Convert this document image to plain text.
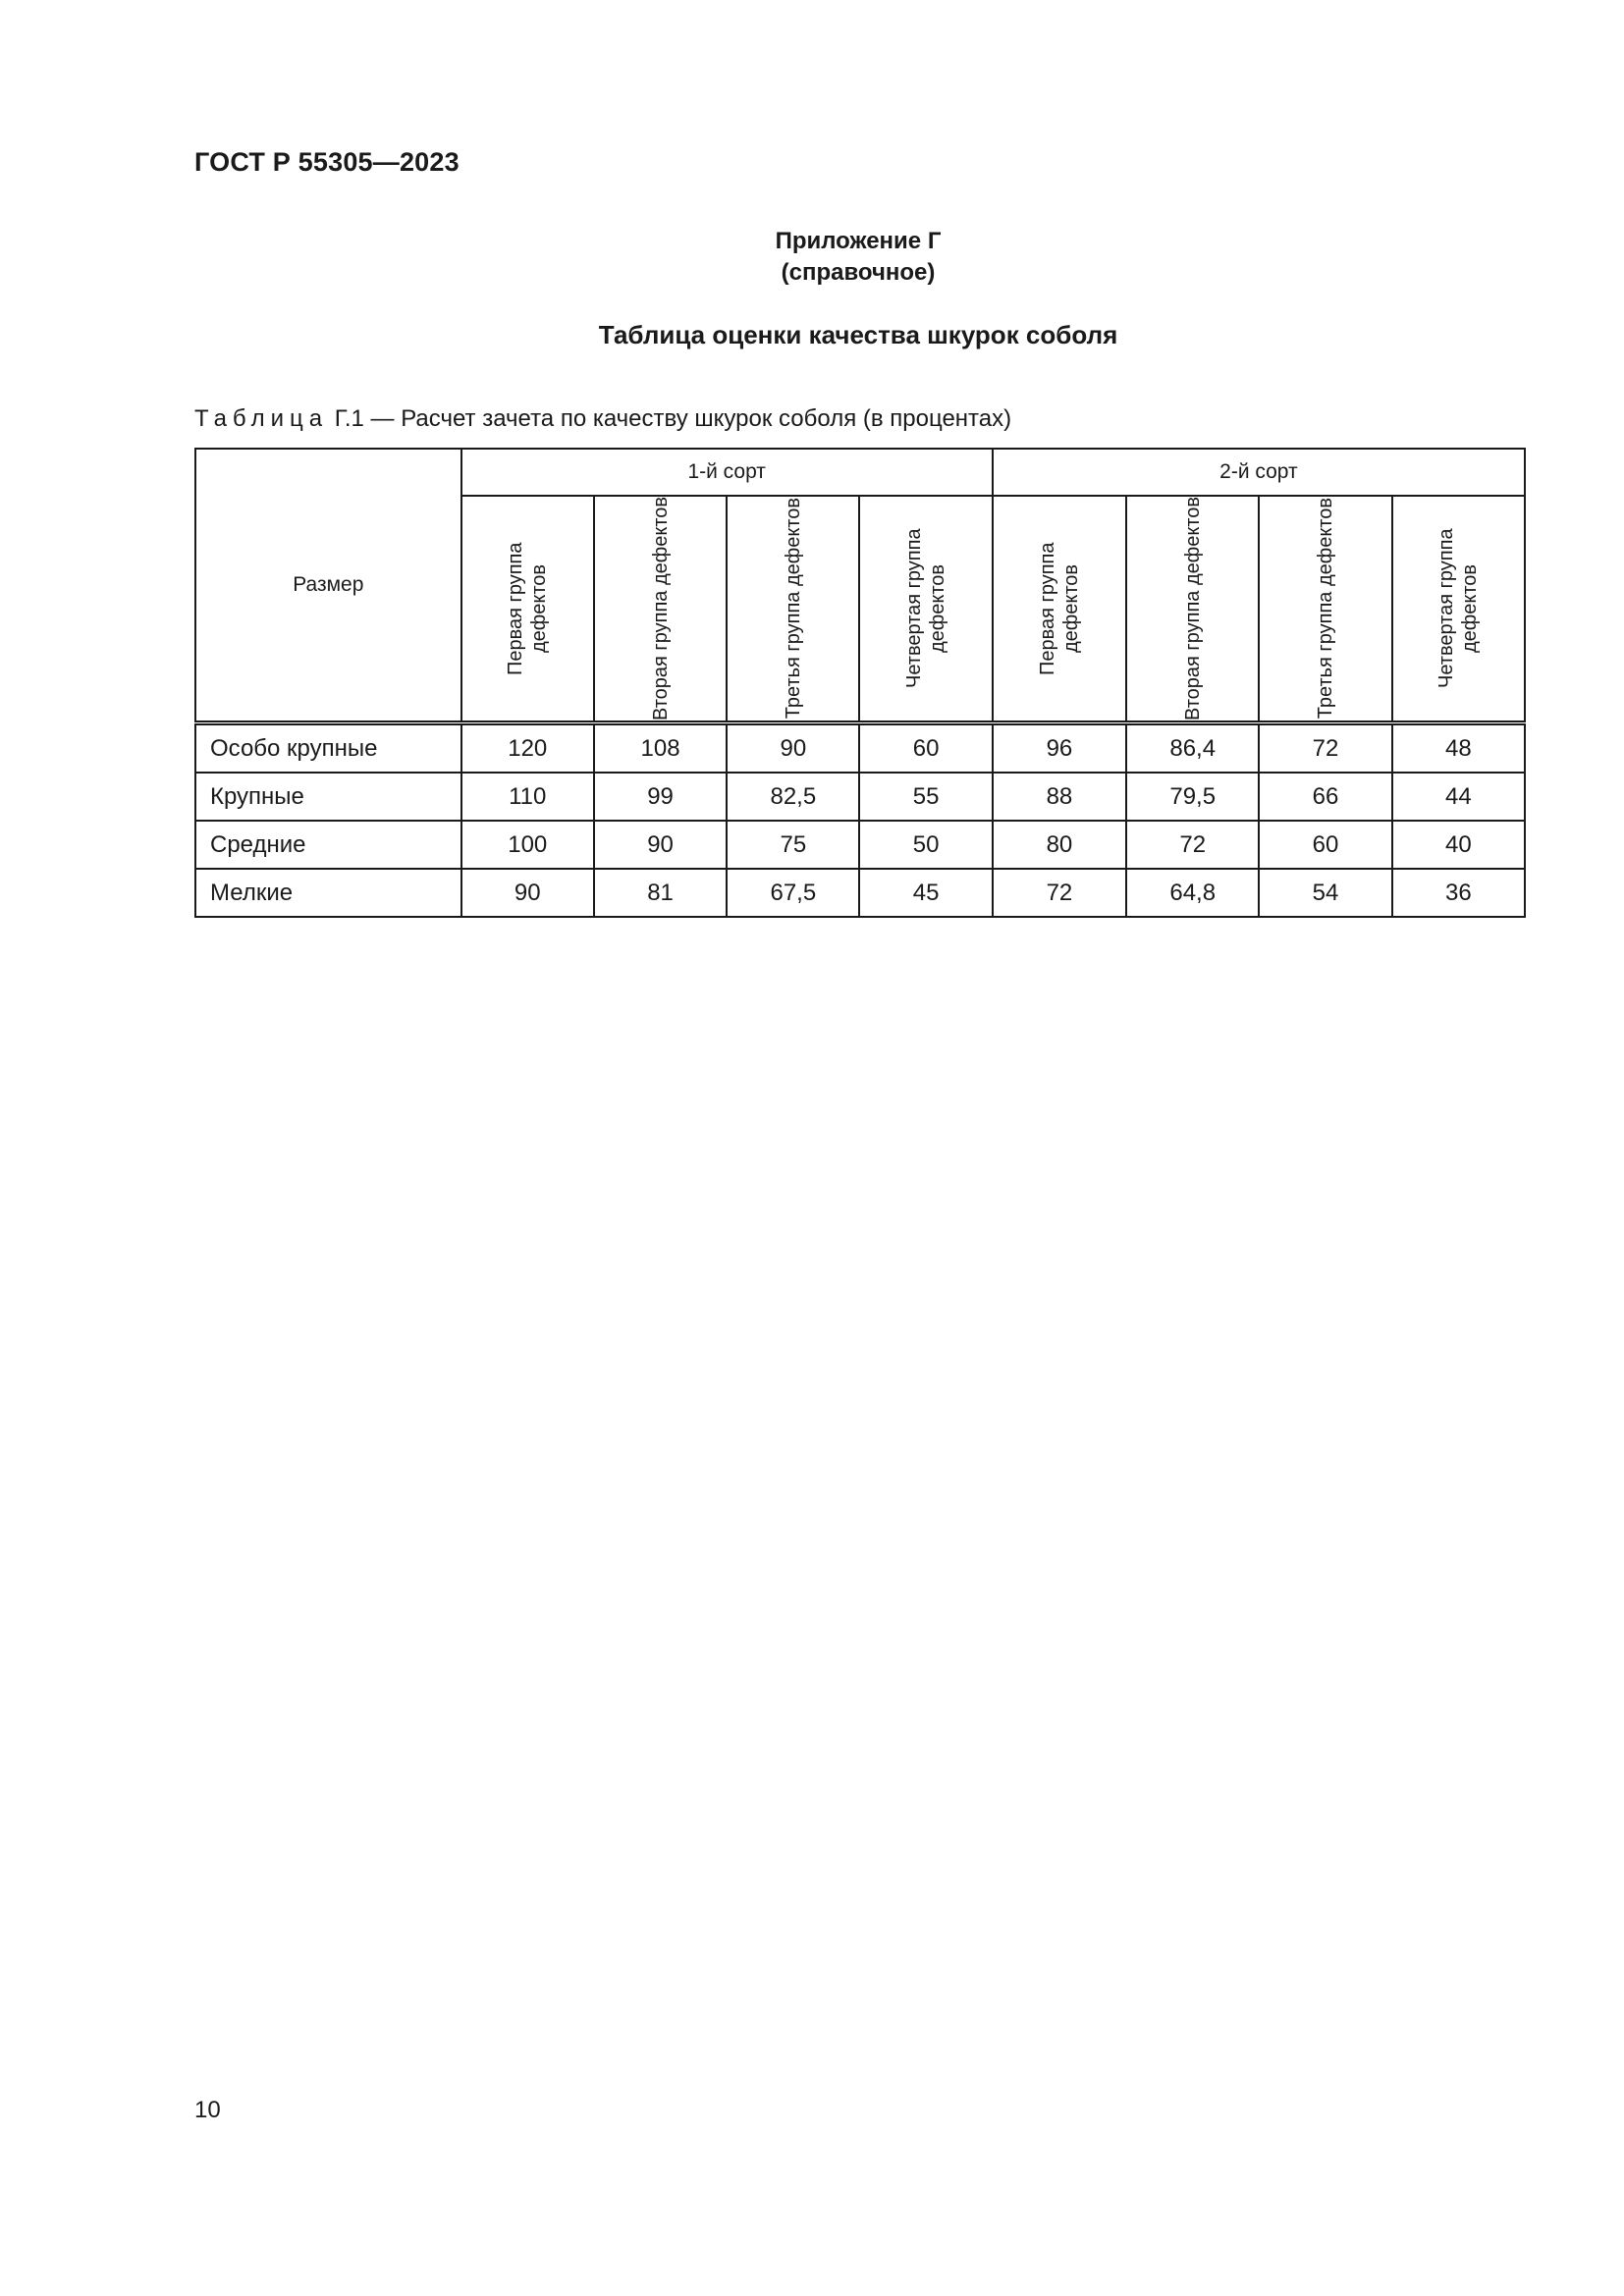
ГОСТ Р 55305—2023
Приложение Г
(справочное)
Таблица оценки качества шкурок соболя
Таблица Г.1 — Расчет зачета по качеству шкурок соболя (в процентах)
Размер	1-й сорт				2-й сорт			

	Первая группа дефектов	Вторая группа дефектов	Третья группа дефектов	Четвертая группа дефектов	Первая группа дефектов	Вторая группа дефектов	Третья группа дефектов	Четвертая группа дефектов

Особо крупные	120	108	90	60	96	86,4	72	48
Крупные	110	99	82,5	55	88	79,5	66	44
Средние	100	90	75	50	80	72	60	40
Мелкие	90	81	67,5	45	72	64,8	54	36
10
